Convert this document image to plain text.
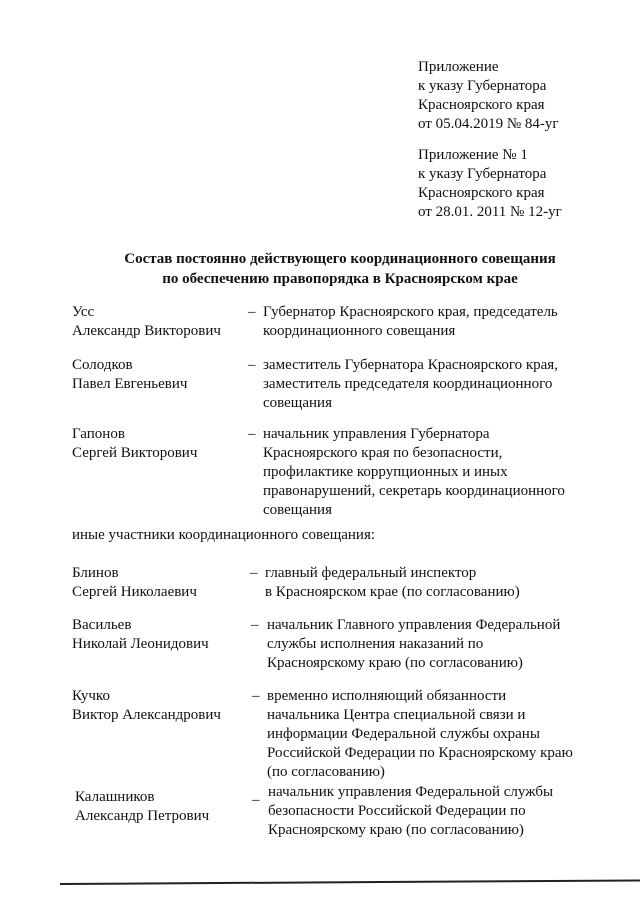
Приложение
к указу Губернатора
Красноярского края
от 05.04.2019 № 84-уг
Приложение № 1
к указу Губернатора
Красноярского края
от 28.01. 2011 № 12-уг
Состав постоянно действующего координационного совещания
по обеспечению правопорядка в Красноярском крае
Усс
Александр Викторович
– Губернатор Красноярского края, председатель
координационного совещания
Солодков
Павел Евгеньевич
– заместитель Губернатора Красноярского края,
заместитель председателя координационного
совещания
Гапонов
Сергей Викторович
– начальник управления Губернатора
Красноярского края по безопасности,
профилактике коррупционных и иных
правонарушений, секретарь координационного
совещания
иные участники координационного совещания:
Блинов
Сергей Николаевич
– главный федеральный инспектор
в Красноярском крае (по согласованию)
Васильев
Николай Леонидович
– начальник Главного управления Федеральной
службы исполнения наказаний по
Красноярскому краю (по согласованию)
Кучко
Виктор Александрович
– временно исполняющий обязанности
начальника Центра специальной связи и
информации Федеральной службы охраны
Российской Федерации по Красноярскому краю
(по согласованию)
Калашников
Александр Петрович
_ начальник управления Федеральной службы
безопасности Российской Федерации по
Красноярскому краю (по согласованию)
